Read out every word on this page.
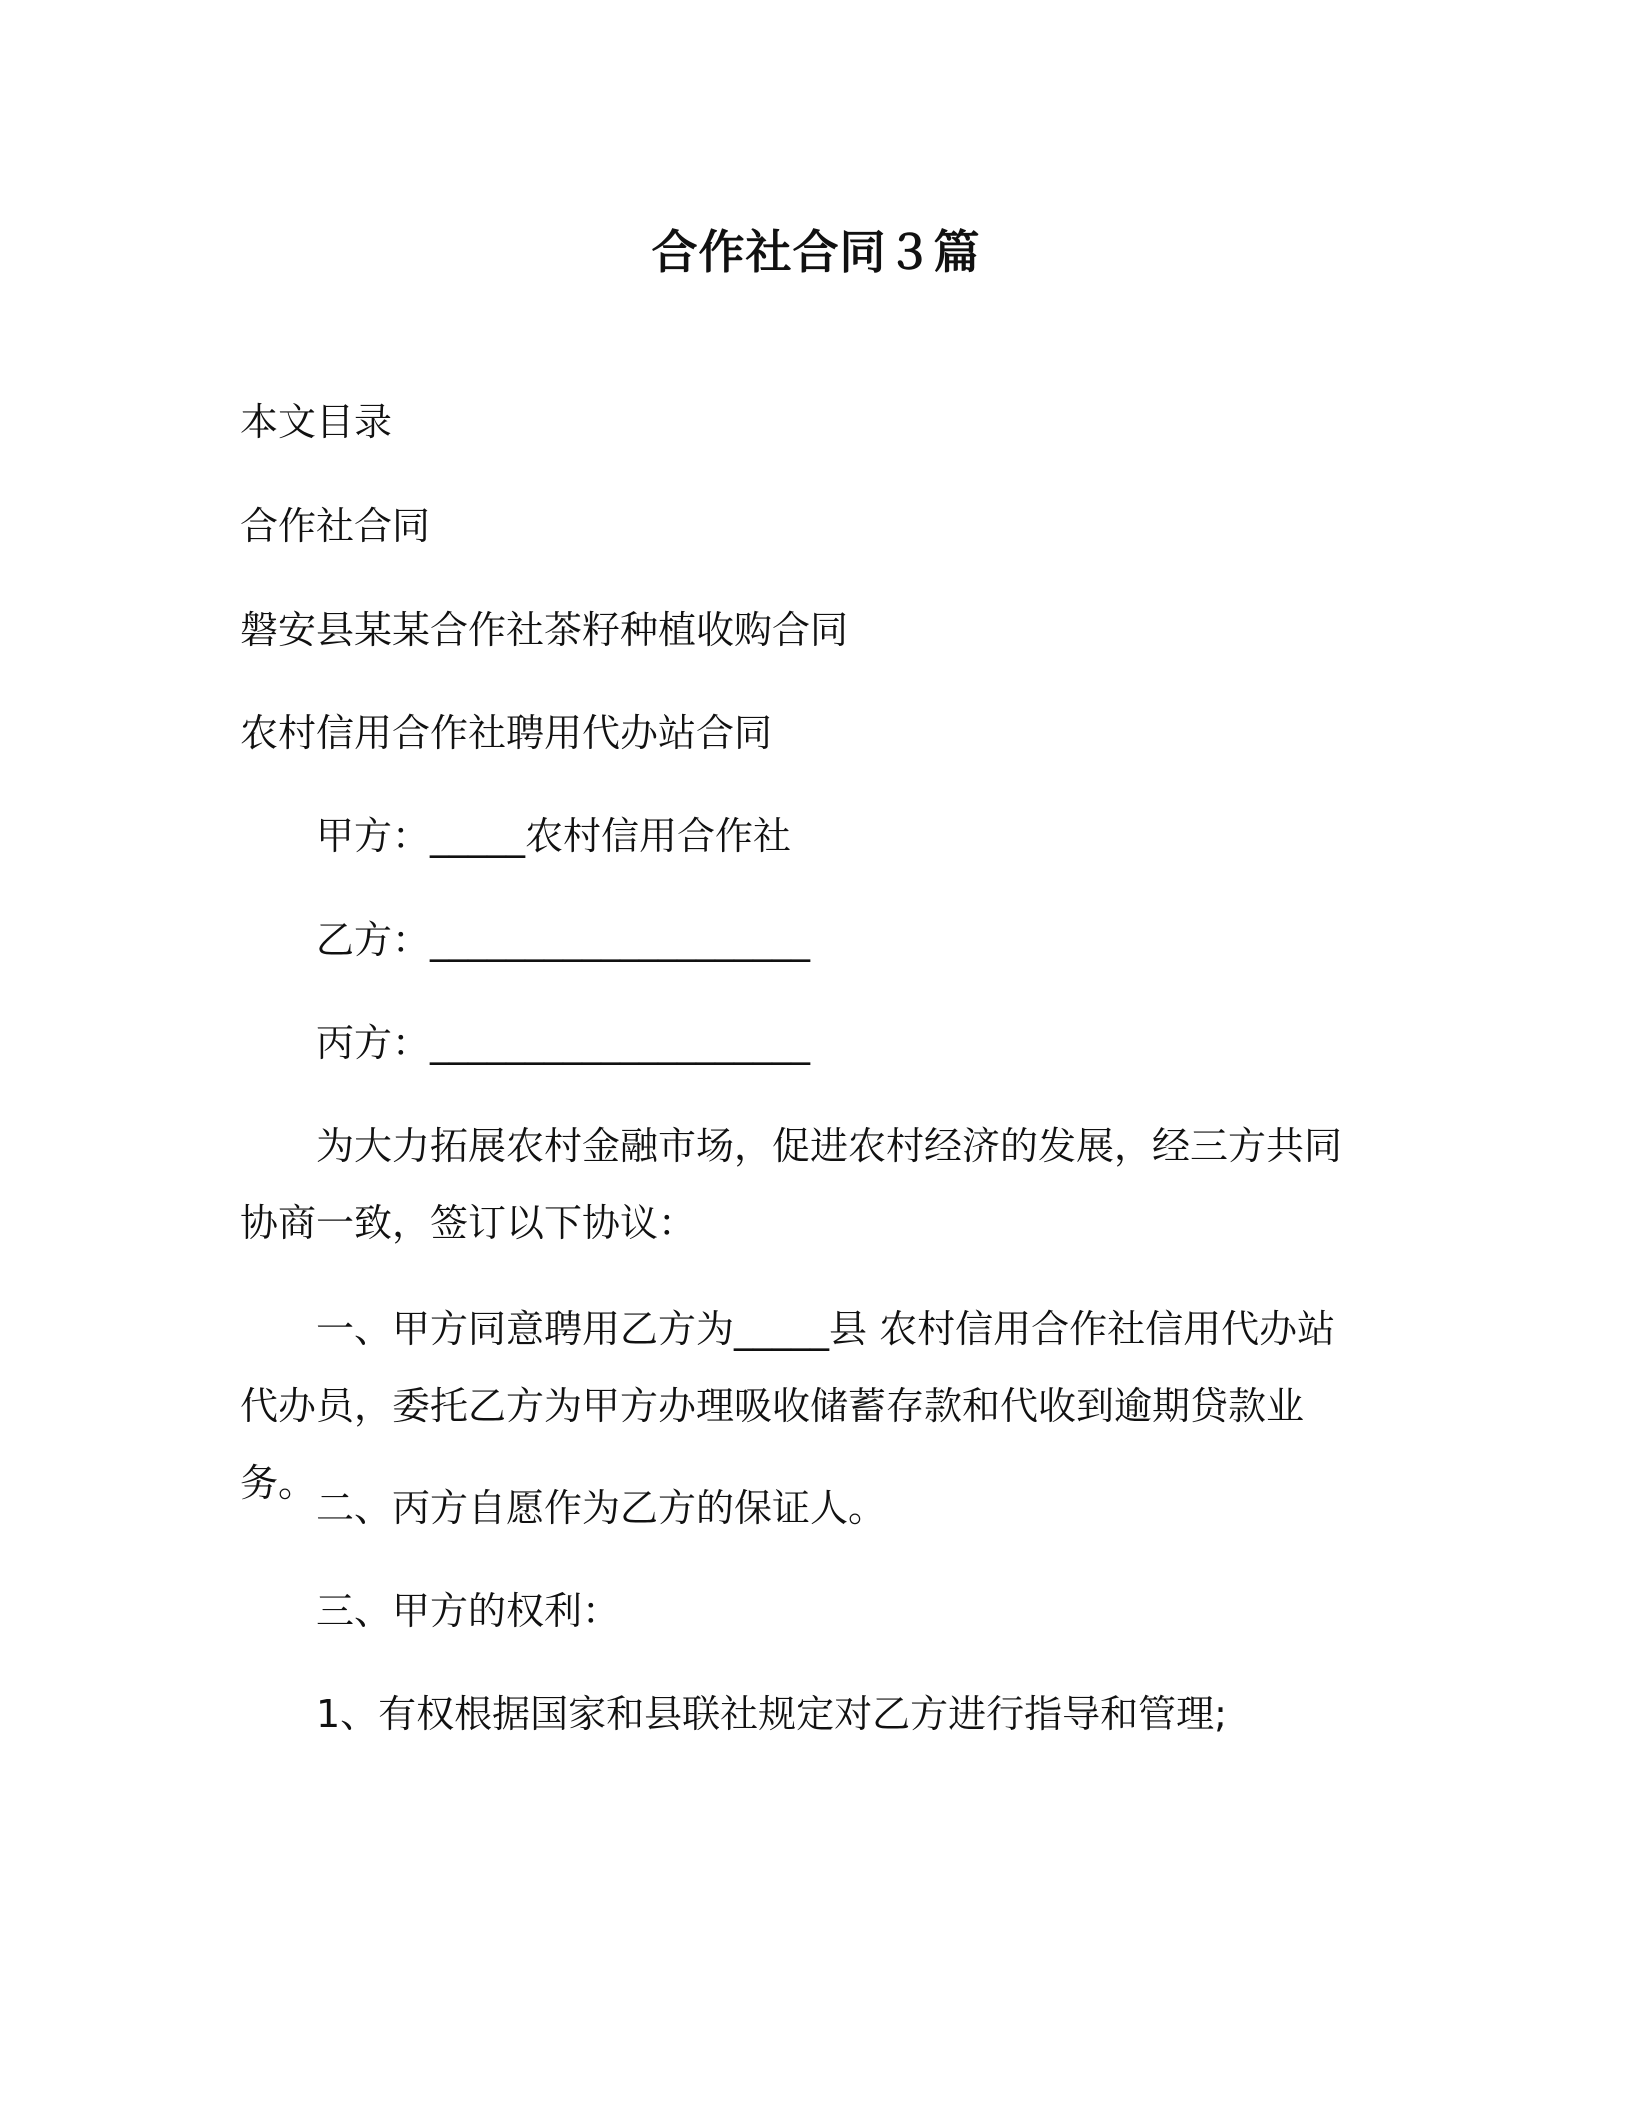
合作社合同３篇
本文目录
合作社合同
磐安县某某合作社茶籽种植收购合同
农村信用合作社聘用代办站合同
甲方：_____农村信用合作社
乙方：____________________
丙方：____________________
为大力拓展农村金融市场，促进农村经济的发展，经三方共同协商一致，签订以下协议：
一、甲方同意聘用乙方为_____县 农村信用合作社信用代办站代办员，委托乙方为甲方办理吸收储蓄存款和代收到逾期贷款业务。
二、丙方自愿作为乙方的保证人。
三、甲方的权利：
1、有权根据国家和县联社规定对乙方进行指导和管理;
